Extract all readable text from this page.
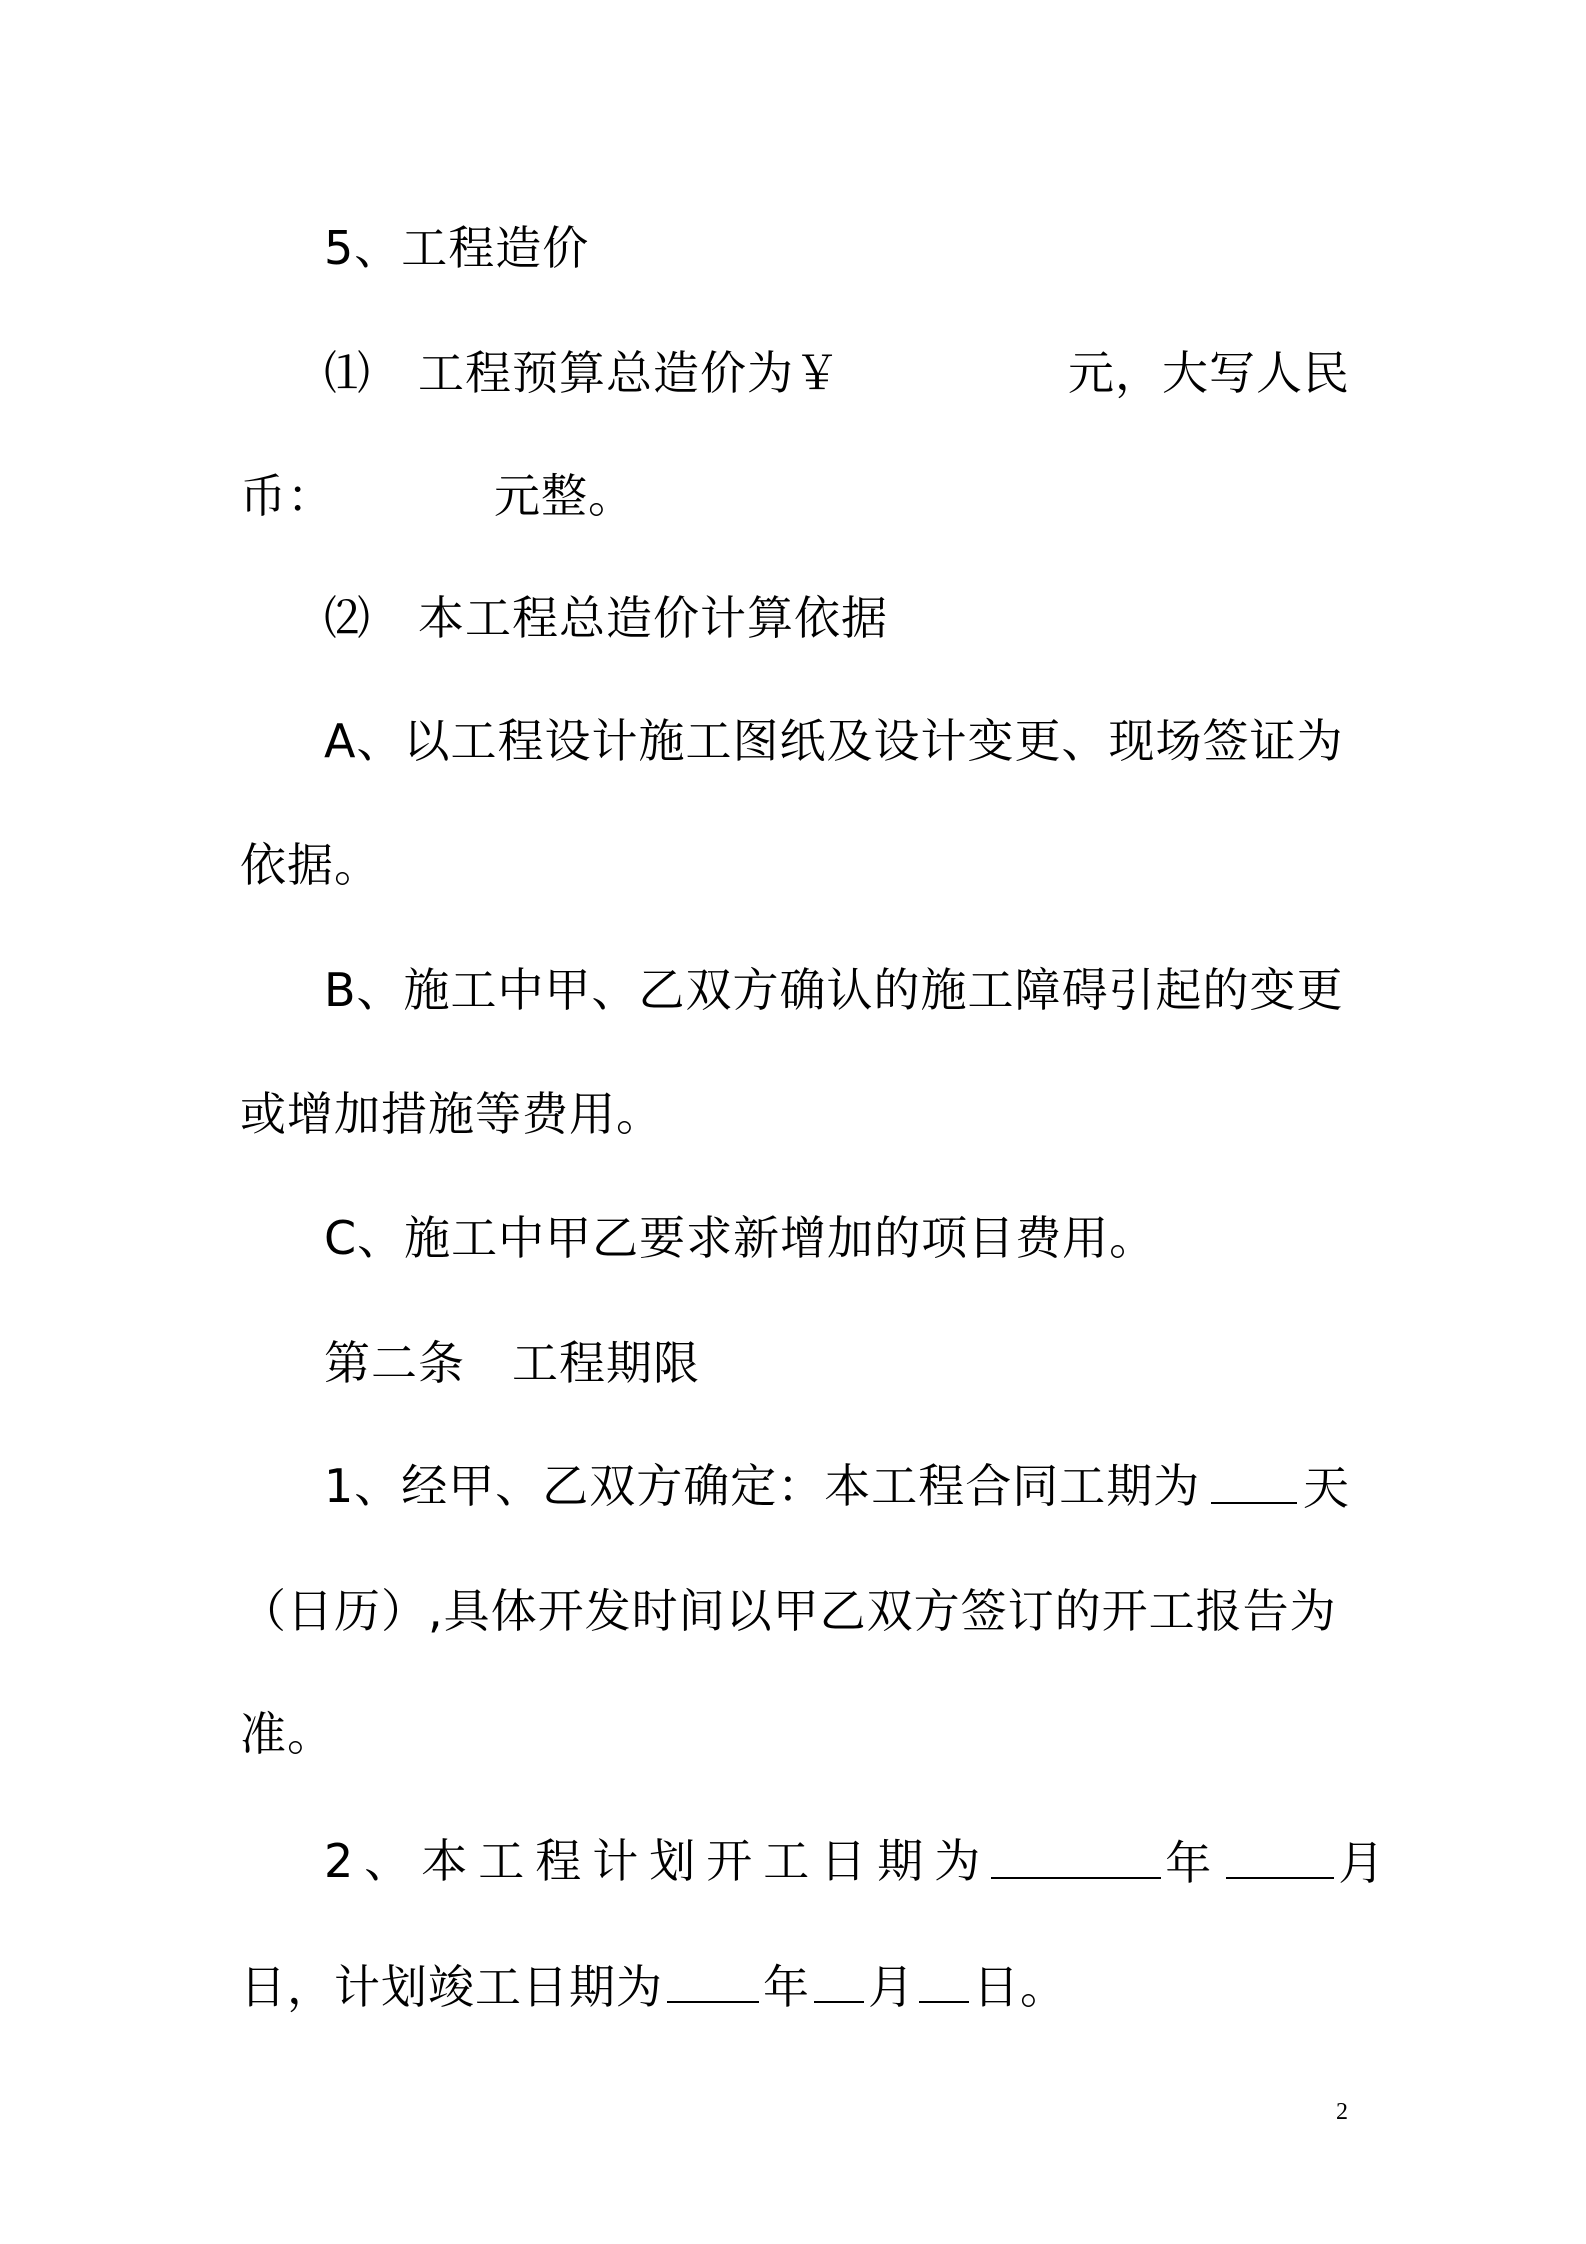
5、工程造价
⑴　工程预算总造价为￥	元，大写人民
币：	元整。
⑵　本工程总造价计算依据
A、以工程设计施工图纸及设计变更、现场签证为
依据。
B、施工中甲、乙双方确认的施工障碍引起的变更
或增加措施等费用。
C、施工中甲乙要求新增加的项目费用。
第二条　工程期限
1、经甲、乙双方确定：本工程合同工期为 天
（日历）,具体开发时间以甲乙双方签订的开工报告为
准。
2、本工程计划开工日期为	年	月
日，计划竣工日期为 年 月 日。
2
